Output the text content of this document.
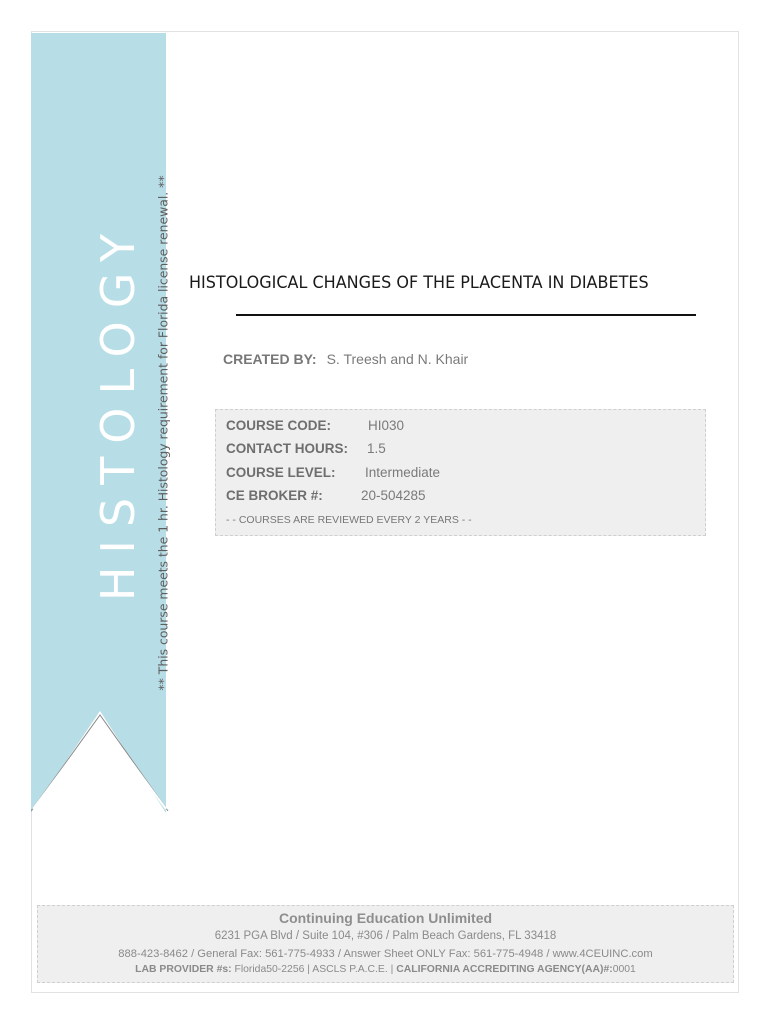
HISTOLOGY ** This course meets the 1 hr. Histology requirement for Florida license renewal. ** HISTOLOGICAL CHANGES OF THE PLACENTA IN DIABETES
CREATED BY: S. Treesh and N. Khair
COURSE CODE:	HI030
CONTACT HOURS: 1.5
COURSE LEVEL: Intermediate
CE BROKER #:	20-504285
- - COURSES ARE REVIEWED EVERY 2 YEARS - -
Continuing Education Unlimited
6231 PGA Blvd / Suite 104, #306 / Palm Beach Gardens, FL 33418
888-423-8462 / General Fax: 561-775-4933 / Answer Sheet ONLY Fax: 561-775-4948 / www.4CEUINC.com
LAB PROVIDER #s: Florida50-2256 | ASCLS P.A.C.E. | CALIFORNIA ACCREDITING AGENCY(AA)#:0001
